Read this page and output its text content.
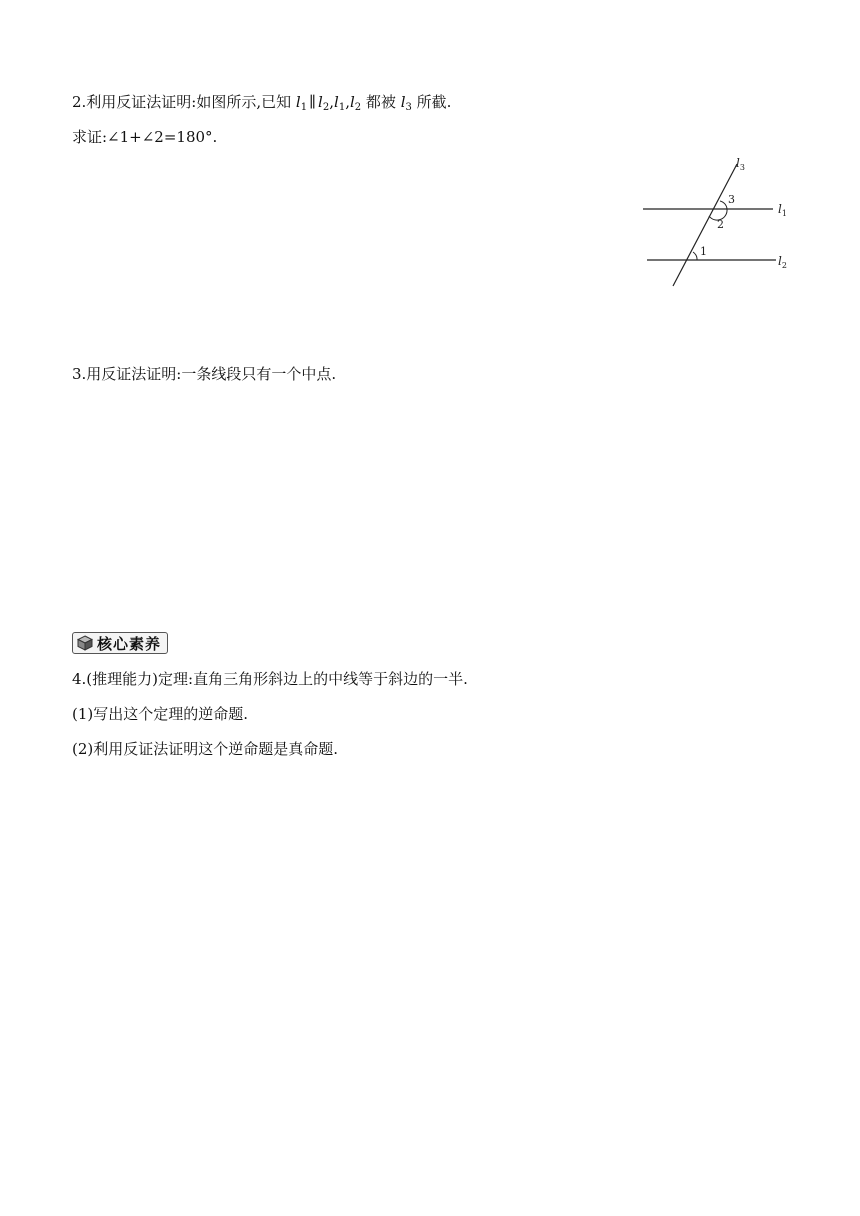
2.利用反证法证明:如图所示,已知 $l_1$ ∥ $l_2,l_1,l_2$ 都被 $l_3$ 所截.
求证:∠1+∠2=180°.
$l_3$
$l_1$
$l_2$
1
2
3
3.用反证法证明:一条线段只有一个中点.
核心素养
4.(推理能力)定理:直角三角形斜边上的中线等于斜边的一半.
(1)写出这个定理的逆命题.
(2)利用反证法证明这个逆命题是真命题.
